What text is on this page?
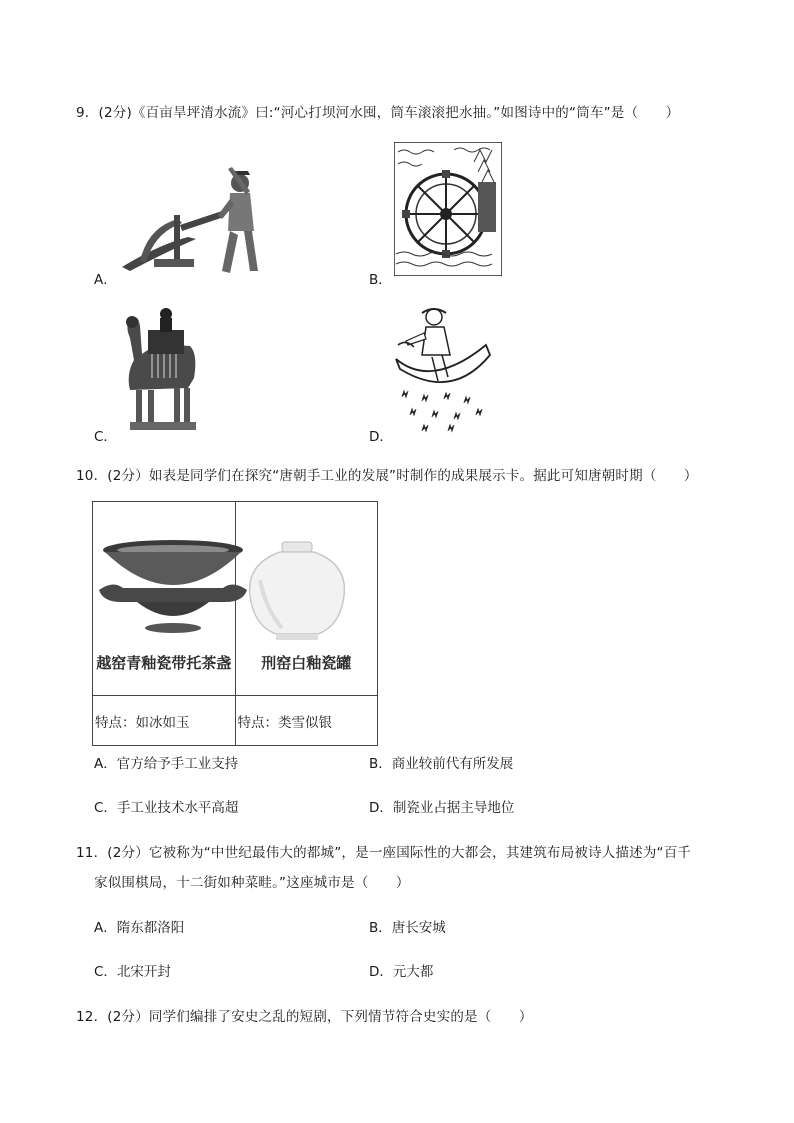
9．(2分)《百亩旱坪清水流》曰:“河心打坝河水囤，筒车滚滚把水抽。”如图诗中的“筒车”是（　　）
A．	B．
C．	D．
10．(2分）如表是同学们在探究“唐朝手工业的发展”时制作的成果展示卡。据此可知唐朝时期（　　）
越窑青釉瓷带托茶盏	刑窑白釉瓷罐

特点：如冰如玉	特点：类雪似银
A．官方给予手工业支持	B．商业较前代有所发展
C．手工业技术水平高超	D．制瓷业占据主导地位
11．(2分）它被称为“中世纪最伟大的都城”，是一座国际性的大都会，其建筑布局被诗人描述为“百千
家似围棋局，十二街如种菜畦。”这座城市是（　　）
A．隋东都洛阳	B．唐长安城
C．北宋开封	D．元大都
12．(2分）同学们编排了安史之乱的短剧，下列情节符合史实的是（　　）
